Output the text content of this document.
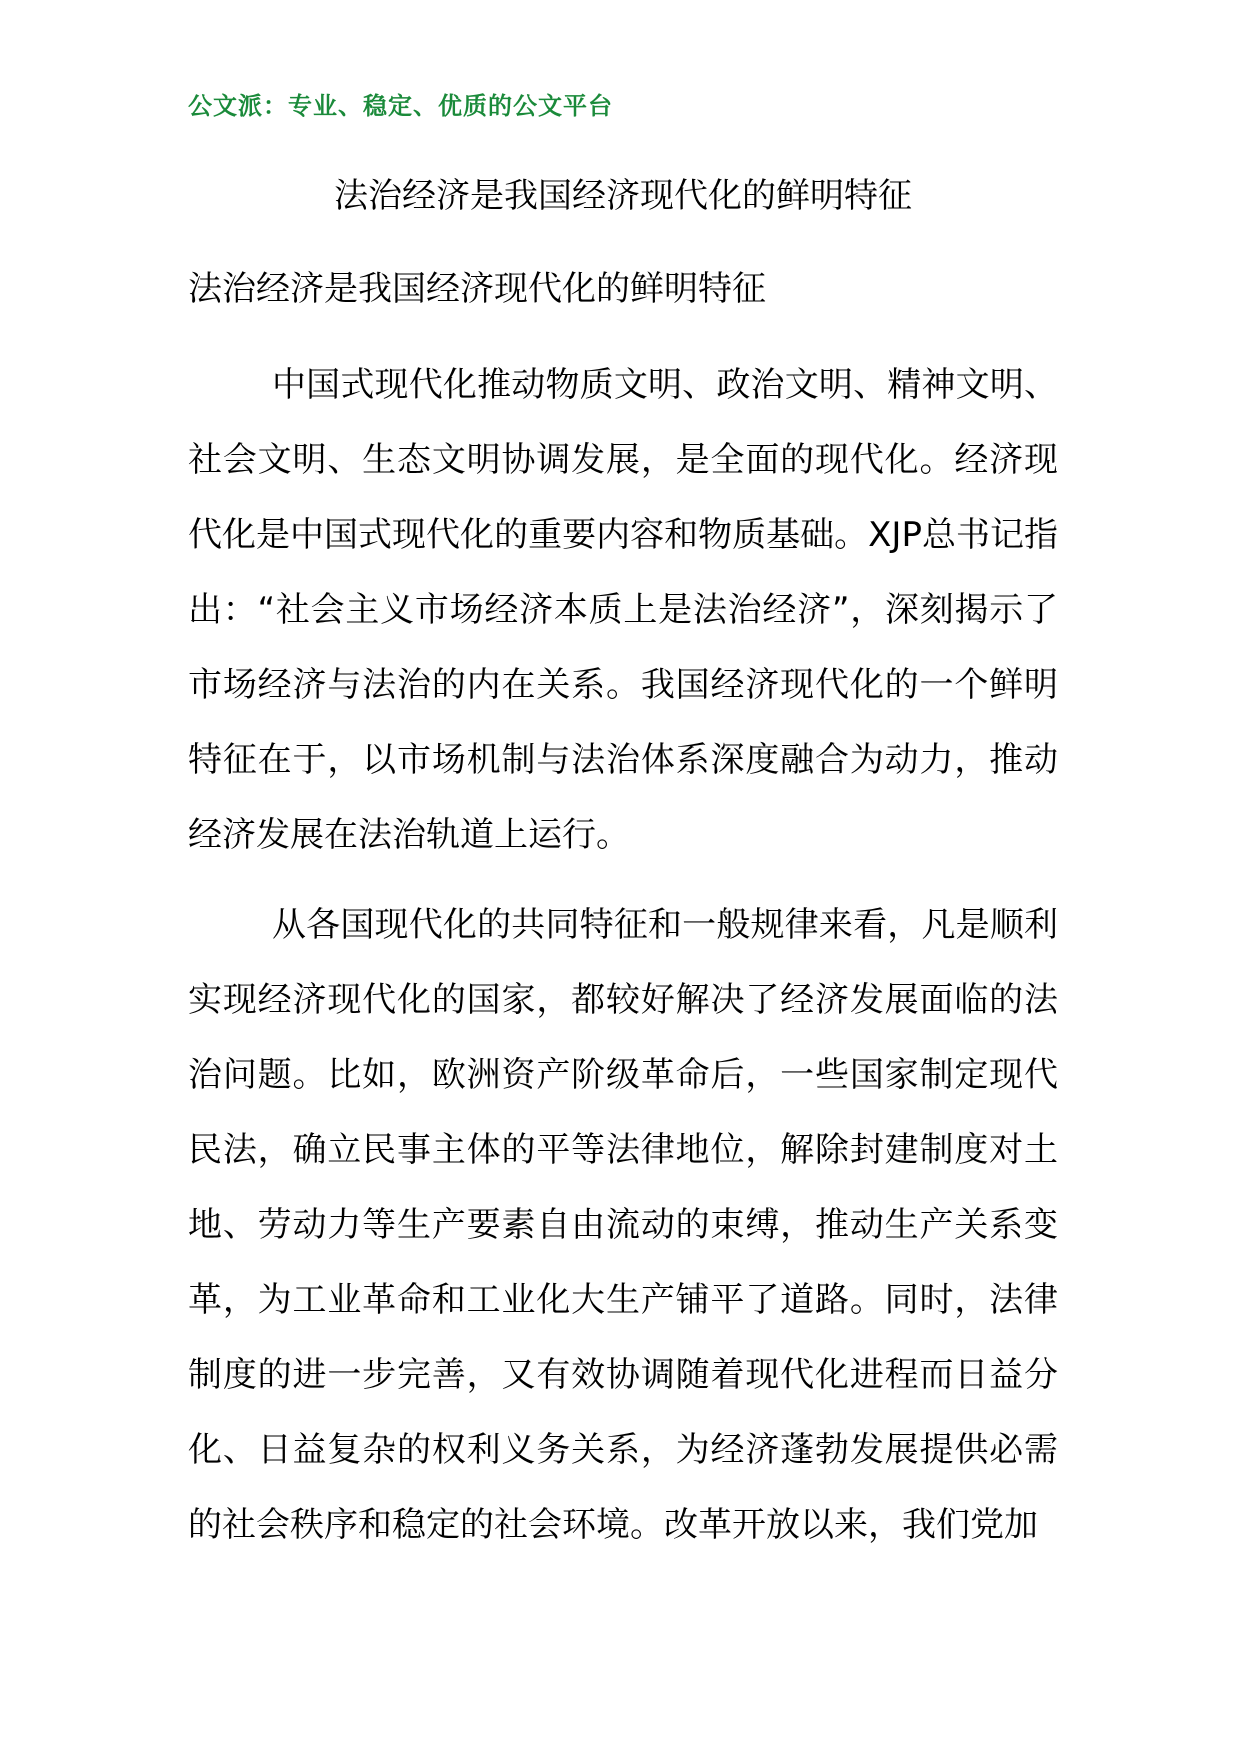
公文派：专业、稳定、优质的公文平台
法治经济是我国经济现代化的鲜明特征
法治经济是我国经济现代化的鲜明特征

中国式现代化推动物质文明、政治文明、精神文明、社会文明、生态文明协调发展，是全面的现代化。经济现代化是中国式现代化的重要内容和物质基础。XJP总书记指出：“社会主义市场经济本质上是法治经济”，深刻揭示了市场经济与法治的内在关系。我国经济现代化的一个鲜明特征在于，以市场机制与法治体系深度融合为动力，推动经济发展在法治轨道上运行。

从各国现代化的共同特征和一般规律来看，凡是顺利实现经济现代化的国家，都较好解决了经济发展面临的法治问题。比如，欧洲资产阶级革命后，一些国家制定现代民法，确立民事主体的平等法律地位，解除封建制度对土地、劳动力等生产要素自由流动的束缚，推动生产关系变革，为工业革命和工业化大生产铺平了道路。同时，法律制度的进一步完善，又有效协调随着现代化进程而日益分化、日益复杂的权利义务关系，为经济蓬勃发展提供必需的社会秩序和稳定的社会环境。改革开放以来，我们党加
